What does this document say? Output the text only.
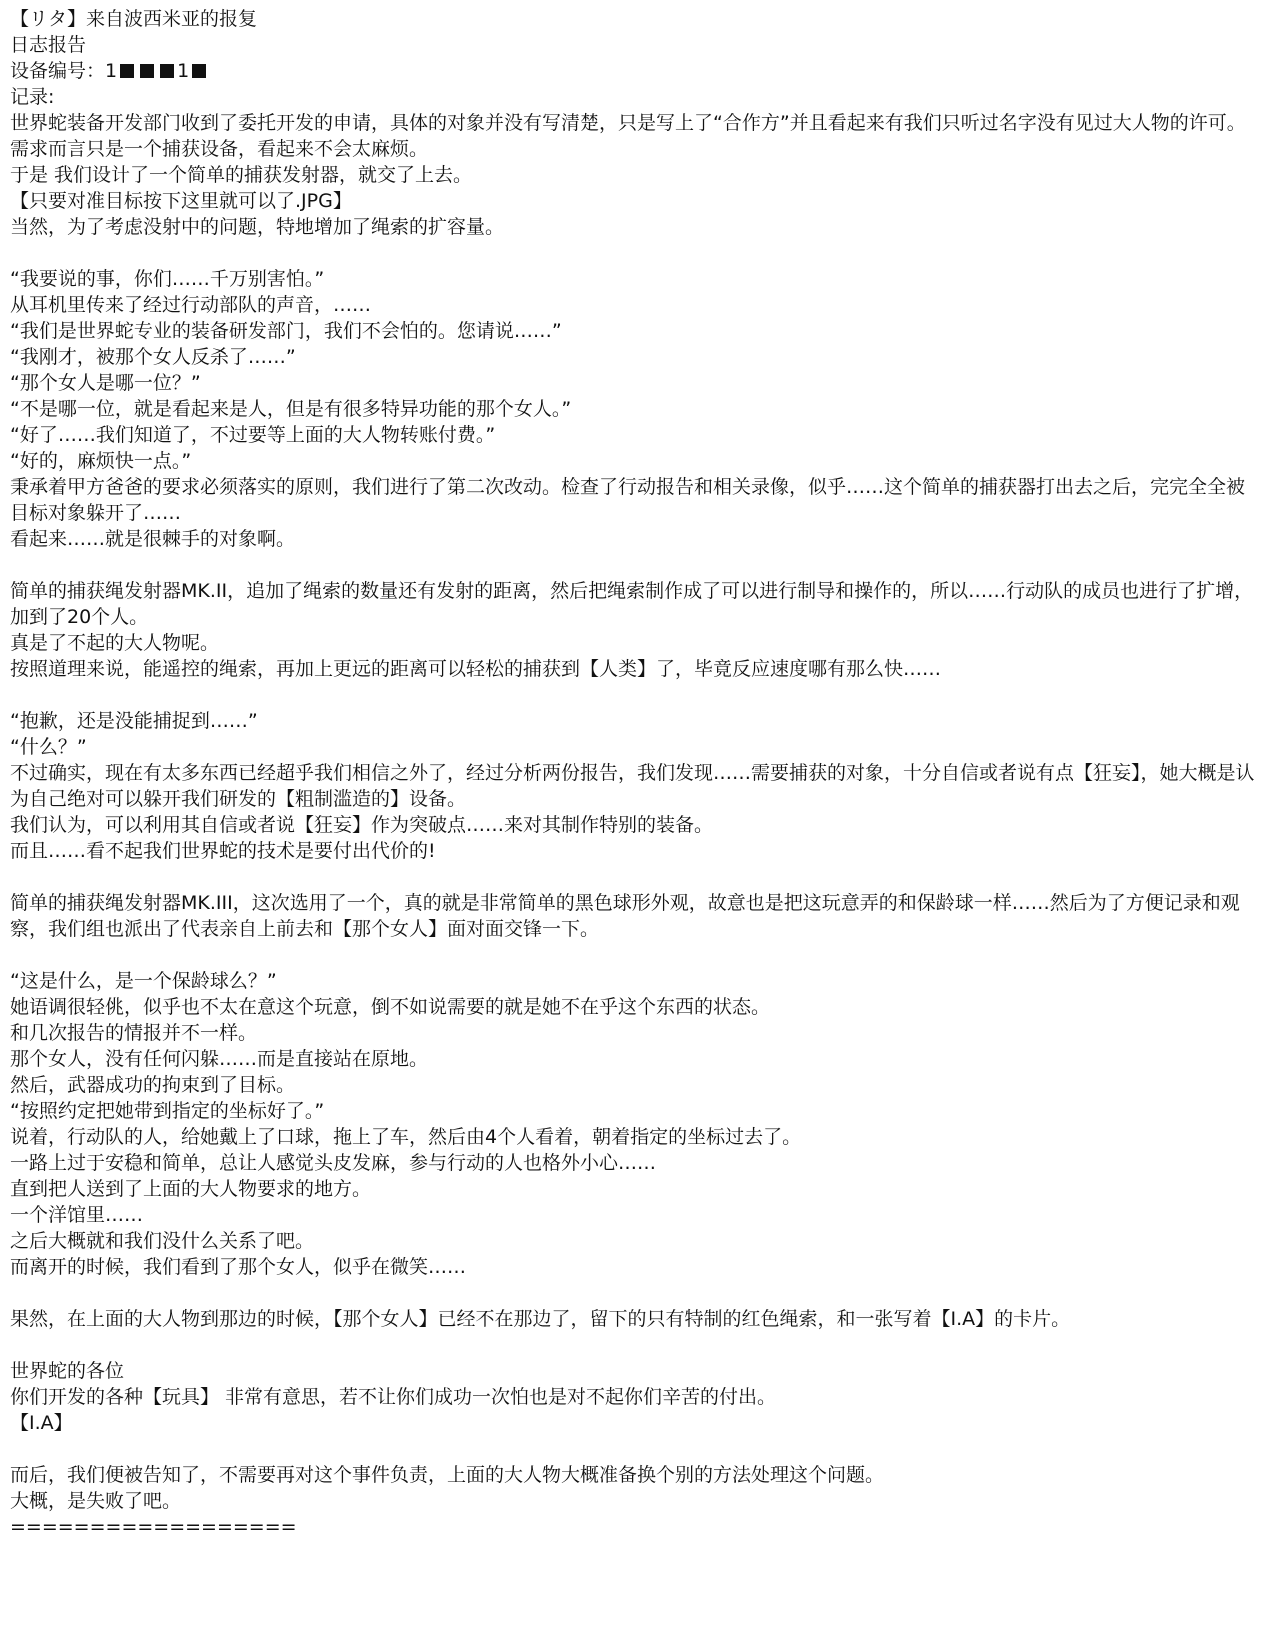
【リタ】来自波西米亚的报复
日志报告
设备编号：1	1
记录:
世界蛇装备开发部门收到了委托开发的申请，具体的对象并没有写清楚，只是写上了“合作方”并且看起来有我们只听过名字没有见过大人物的许可。
需求而言只是一个捕获设备，看起来不会太麻烦。
于是 我们设计了一个简单的捕获发射器，就交了上去。
【只要对准目标按下这里就可以了.JPG】
当然，为了考虑没射中的问题，特地增加了绳索的扩容量。
“我要说的事，你们……千万别害怕。”
从耳机里传来了经过行动部队的声音，……
“我们是世界蛇专业的装备研发部门，我们不会怕的。您请说……”
“我刚才，被那个女人反杀了……”
“那个女人是哪一位？”
“不是哪一位，就是看起来是人，但是有很多特异功能的那个女人。”
“好了……我们知道了，不过要等上面的大人物转账付费。”
“好的，麻烦快一点。”
秉承着甲方爸爸的要求必须落实的原则，我们进行了第二次改动。检查了行动报告和相关录像，似乎……这个简单的捕获器打出去之后，完完全全被目标对象躲开了……
看起来……就是很棘手的对象啊。
简单的捕获绳发射器MK.II，追加了绳索的数量还有发射的距离，然后把绳索制作成了可以进行制导和操作的，所以……行动队的成员也进行了扩增，加到了20个人。
真是了不起的大人物呢。
按照道理来说，能遥控的绳索，再加上更远的距离可以轻松的捕获到【人类】了，毕竟反应速度哪有那么快……
“抱歉，还是没能捕捉到……”
“什么？”
不过确实，现在有太多东西已经超乎我们相信之外了，经过分析两份报告，我们发现……需要捕获的对象，十分自信或者说有点【狂妄】，她大概是认为自己绝对可以躲开我们研发的【粗制滥造的】设备。
我们认为，可以利用其自信或者说【狂妄】作为突破点……来对其制作特别的装备。
而且……看不起我们世界蛇的技术是要付出代价的!
简单的捕获绳发射器MK.III，这次选用了一个，真的就是非常简单的黑色球形外观，故意也是把这玩意弄的和保龄球一样……然后为了方便记录和观察，我们组也派出了代表亲自上前去和【那个女人】面对面交锋一下。
“这是什么，是一个保龄球么？”
她语调很轻佻，似乎也不太在意这个玩意，倒不如说需要的就是她不在乎这个东西的状态。
和几次报告的情报并不一样。
那个女人，没有任何闪躲……而是直接站在原地。
然后，武器成功的拘束到了目标。
“按照约定把她带到指定的坐标好了。”
说着，行动队的人，给她戴上了口球，拖上了车，然后由4个人看着，朝着指定的坐标过去了。
一路上过于安稳和简单，总让人感觉头皮发麻，参与行动的人也格外小心……
直到把人送到了上面的大人物要求的地方。
一个洋馆里……
之后大概就和我们没什么关系了吧。
而离开的时候，我们看到了那个女人，似乎在微笑……
果然，在上面的大人物到那边的时候，【那个女人】已经不在那边了，留下的只有特制的红色绳索，和一张写着【I.A】的卡片。
世界蛇的各位
你们开发的各种【玩具】 非常有意思，若不让你们成功一次怕也是对不起你们辛苦的付出。
【I.A】
而后，我们便被告知了，不需要再对这个事件负责，上面的大人物大概准备换个别的方法处理这个问题。
大概，是失败了吧。
==================
